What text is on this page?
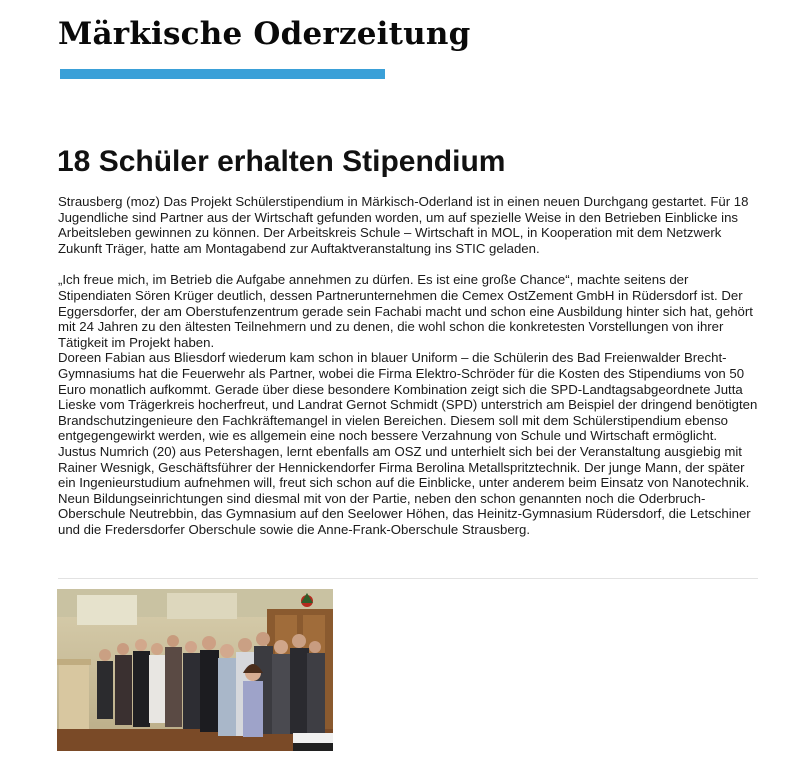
Märkische Oderzeitung
18 Schüler erhalten Stipendium

Strausberg (moz) Das Projekt Schülerstipendium in Märkisch-Oderland ist in einen neuen Durchgang gestartet. Für 18 Jugendliche sind Partner aus der Wirtschaft gefunden worden, um auf spezielle Weise in den Betrieben Einblicke ins Arbeitsleben gewinnen zu können. Der Arbeitskreis Schule – Wirtschaft in MOL, in Kooperation mit dem Netzwerk Zukunft Träger, hatte am Montagabend zur Auftaktveranstaltung ins STIC geladen.

„Ich freue mich, im Betrieb die Aufgabe annehmen zu dürfen. Es ist eine große Chance“, machte seitens der Stipendiaten Sören Krüger deutlich, dessen Partnerunternehmen die Cemex OstZement GmbH in Rüdersdorf ist. Der Eggersdorfer, der am Oberstufenzentrum gerade sein Fachabi macht und schon eine Ausbildung hinter sich hat, gehört mit 24 Jahren zu den ältesten Teilnehmern und zu denen, die wohl schon die konkretesten Vorstellungen von ihrer Tätigkeit im Projekt haben.

Doreen Fabian aus Bliesdorf wiederum kam schon in blauer Uniform – die Schülerin des Bad Freienwalder Brecht-Gymnasiums hat die Feuerwehr als Partner, wobei die Firma Elektro-Schröder für die Kosten des Stipendiums von 50 Euro monatlich aufkommt. Gerade über diese besondere Kombination zeigt sich die SPD-Landtagsabgeordnete Jutta Lieske vom Trägerkreis hocherfreut, und Landrat Gernot Schmidt (SPD) unterstrich am Beispiel der dringend benötigten Brandschutzingenieure den Fachkräftemangel in vielen Bereichen. Diesem soll mit dem Schülerstipendium ebenso entgegengewirkt werden, wie es allgemein eine noch bessere Verzahnung von Schule und Wirtschaft ermöglicht.

Justus Numrich (20) aus Petershagen, lernt ebenfalls am OSZ und unterhielt sich bei der Veranstaltung ausgiebig mit Rainer Wesnigk, Geschäftsführer der Hennickendorfer Firma Berolina Metallspritztechnik. Der junge Mann, der später ein Ingenieurstudium aufnehmen will, freut sich schon auf die Einblicke, unter anderem beim Einsatz von Nanotechnik.

Neun Bildungseinrichtungen sind diesmal mit von der Partie, neben den schon genannten noch die Oderbruch-Oberschule Neutrebbin, das Gymnasium auf den Seelower Höhen, das Heinitz-Gymnasium Rüdersdorf, die Letschiner und die Fredersdorfer Oberschule sowie die Anne-Frank-Oberschule Strausberg.
